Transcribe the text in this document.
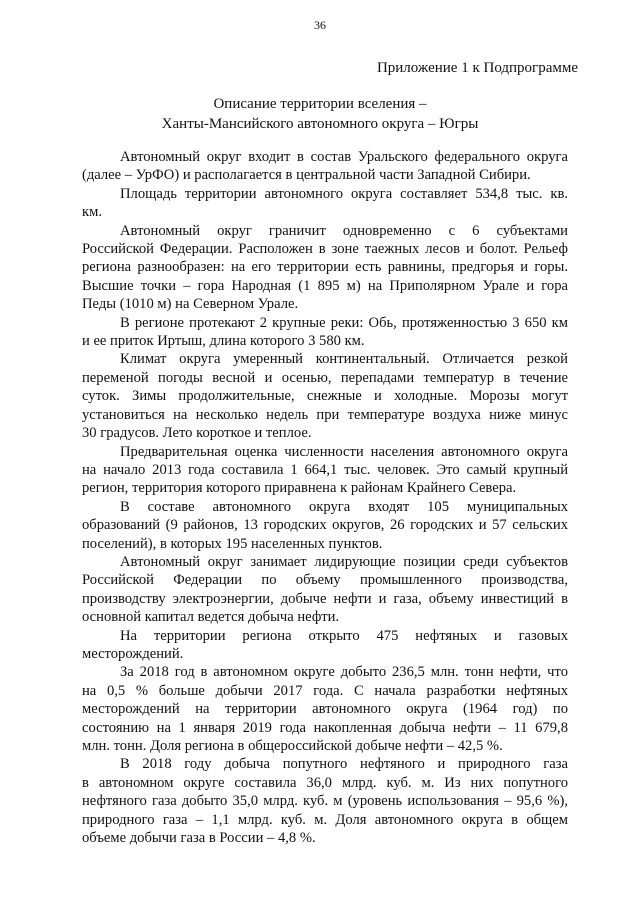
36
Приложение 1 к Подпрограмме
Описание территории вселения –
Ханты-Мансийского автономного округа – Югры

Автономный округ входит в состав Уральского федерального округа
(далее – УрФО) и располагается в центральной части Западной Сибири.

Площадь территории автономного округа составляет 534,8 тыс. кв.
км.

Автономный округ граничит одновременно с 6 субъектами
Российской Федерации. Расположен в зоне таежных лесов и болот. Рельеф
региона разнообразен: на его территории есть равнины, предгорья и горы.
Высшие точки – гора Народная (1 895 м) на Приполярном Урале и гора
Педы (1010 м) на Северном Урале.

В регионе протекают 2 крупные реки: Обь, протяженностью 3 650 км
и ее приток Иртыш, длина которого 3 580 км.

Климат округа умеренный континентальный. Отличается резкой
переменой погоды весной и осенью, перепадами температур в течение
суток. Зимы продолжительные, снежные и холодные. Морозы могут
установиться на несколько недель при температуре воздуха ниже минус
30 градусов. Лето короткое и теплое.

Предварительная оценка численности населения автономного округа
на начало 2013 года составила 1 664,1 тыс. человек. Это самый крупный
регион, территория которого приравнена к районам Крайнего Севера.

В составе автономного округа входят 105 муниципальных
образований (9 районов, 13 городских округов, 26 городских и 57 сельских
поселений), в которых 195 населенных пунктов.

Автономный округ занимает лидирующие позиции среди субъектов
Российской Федерации по объему промышленного производства,
производству электроэнергии, добыче нефти и газа, объему инвестиций в
основной капитал ведется добыча нефти.

На территории региона открыто 475 нефтяных и газовых
месторождений.

За 2018 год в автономном округе добыто 236,5 млн. тонн нефти, что
на 0,5 % больше добычи 2017 года. С начала разработки нефтяных
месторождений на территории автономного округа (1964 год) по
состоянию на 1 января 2019 года накопленная добыча нефти – 11 679,8
млн. тонн. Доля региона в общероссийской добыче нефти – 42,5 %.

В 2018 году добыча попутного нефтяного и природного газа
в автономном округе составила 36,0 млрд. куб. м. Из них попутного
нефтяного газа добыто 35,0 млрд. куб. м (уровень использования – 95,6 %),
природного газа – 1,1 млрд. куб. м. Доля автономного округа в общем
объеме добычи газа в России – 4,8 %.
